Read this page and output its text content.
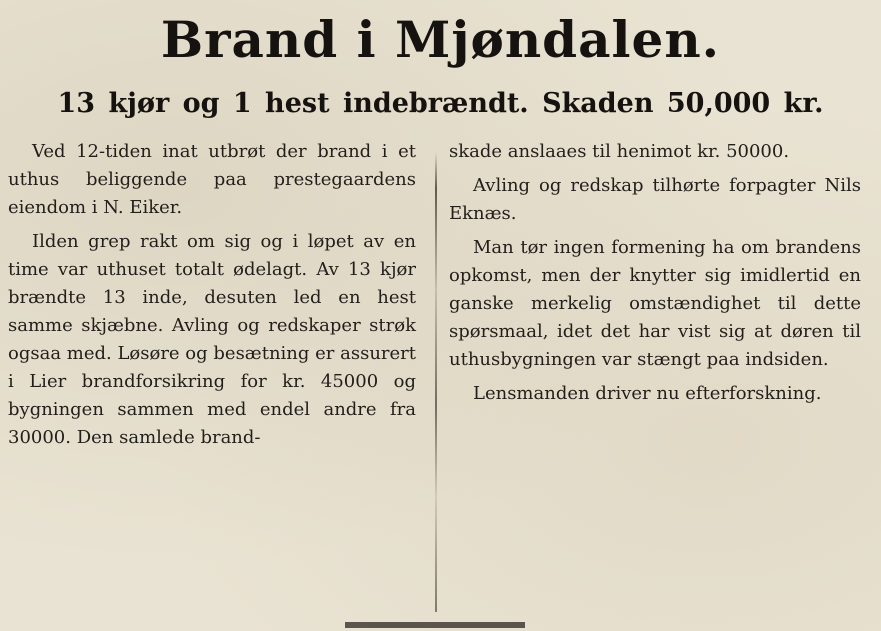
Brand i Mjøndalen.
13 kjør og 1 hest indebrændt. Skaden 50,000 kr.

Ved 12-tiden inat utbrøt der brand i et uthus beliggende paa prestegaardens eiendom i N. Eiker.

Ilden grep rakt om sig og i løpet av en time var uthuset totalt ødelagt. Av 13 kjør brændte 13 inde, desuten led en hest samme skjæbne. Avling og redskaper strøk ogsaa med. Løsøre og besætning er assurert i Lier brandforsikring for kr. 45000 og bygningen sammen med endel andre fra 30000. Den samlede brand-

skade anslaaes til henimot kr. 50000.

Avling og redskap tilhørte forpagter Nils Eknæs.

Man tør ingen formening ha om brandens opkomst, men der knytter sig imidlertid en ganske merkelig omstændighet til dette spørsmaal, idet det har vist sig at døren til uthusbygningen var stængt paa indsiden.

Lensmanden driver nu efterforskning.
